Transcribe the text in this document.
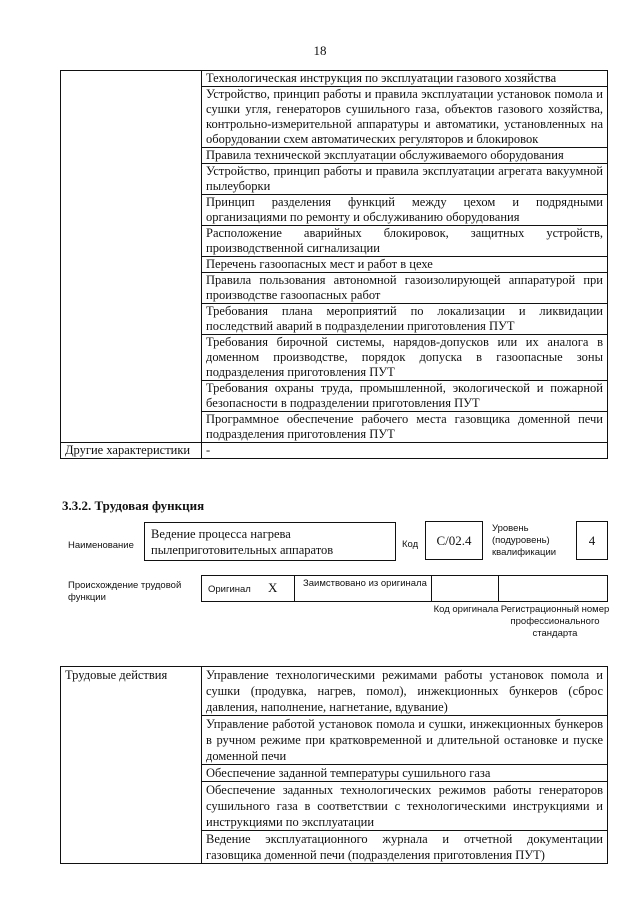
18
	Технологическая инструкция по эксплуатации газового хозяйства
	Устройство, принцип работы и правила эксплуатации установок помола и сушки угля, генераторов сушильного газа, объектов газового хозяйства, контрольно-измерительной аппаратуры и автоматики, установленных на оборудовании схем автоматических регуляторов и блокировок
	Правила технической эксплуатации обслуживаемого оборудования
	Устройство, принцип работы и правила эксплуатации агрегата вакуумной пылеуборки
	Принцип разделения функций между цехом и подрядными организациями по ремонту и обслуживанию оборудования
	Расположение аварийных блокировок, защитных устройств, производственной сигнализации
	Перечень газоопасных мест и работ в цехе
	Правила пользования автономной газоизолирующей аппаратурой при производстве газоопасных работ
	Требования плана мероприятий по локализации и ликвидации последствий аварий в подразделении приготовления ПУТ
	Требования бирочной системы, нарядов-допусков или их аналога в доменном производстве, порядок допуска в газоопасные зоны подразделения приготовления ПУТ
	Требования охраны труда, промышленной, экологической и пожарной безопасности в подразделении приготовления ПУТ
	Программное обеспечение рабочего места газовщика доменной печи подразделения приготовления ПУТ
Другие характеристики	-
3.3.2. Трудовая функция
Наименование
Ведение процесса нагрева пылеприготовительных аппаратов	Код	C/02.4
Уровень (подуровень) квалификации
4
Происхождение трудовой функции
Оригинал X	Заимствовано из оригинала
Код оригинала Регистрационный номер профессионального стандарта
Трудовые действия	Управление технологическими режимами работы установок помола и сушки (продувка, нагрев, помол), инжекционных бункеров (сброс давления, наполнение, нагнетание, вдувание)
Управление работой установок помола и сушки, инжекционных бункеров в ручном режиме при кратковременной и длительной остановке и пуске доменной печи
Обеспечение заданной температуры сушильного газа
Обеспечение заданных технологических режимов работы генераторов сушильного газа в соответствии с технологическими инструкциями и инструкциями по эксплуатации
Ведение эксплуатационного журнала и отчетной документации газовщика доменной печи (подразделения приготовления ПУТ)
